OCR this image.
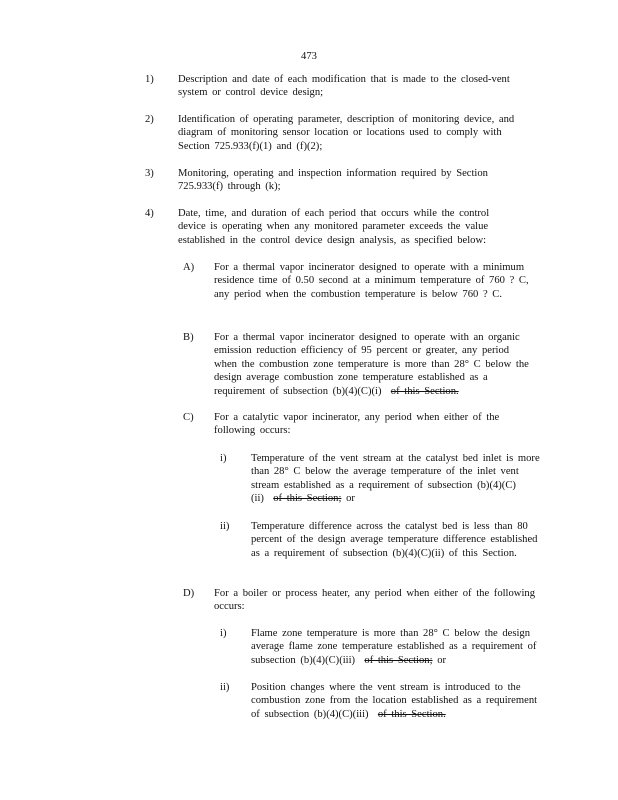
473
1) Description and date of each modification that is made to the closed-vent system or control device design;
2) Identification of operating parameter, description of monitoring device, and diagram of monitoring sensor location or locations used to comply with Section 725.933(f)(1) and (f)(2);
3) Monitoring, operating and inspection information required by Section 725.933(f) through (k);
4) Date, time, and duration of each period that occurs while the control device is operating when any monitored parameter exceeds the value established in the control device design analysis, as specified below:
A) For a thermal vapor incinerator designed to operate with a minimum residence time of 0.50 second at a minimum temperature of 760 ? C, any period when the combustion temperature is below 760 ? C.
B) For a thermal vapor incinerator designed to operate with an organic emission reduction efficiency of 95 percent or greater, any period when the combustion zone temperature is more than 28° C below the design average combustion zone temperature established as a requirement of subsection (b)(4)(C)(i) of this Section.
C) For a catalytic vapor incinerator, any period when either of the following occurs:
i) Temperature of the vent stream at the catalyst bed inlet is more than 28° C below the average temperature of the inlet vent stream established as a requirement of subsection (b)(4)(C)(ii) of this Section; or
ii) Temperature difference across the catalyst bed is less than 80 percent of the design average temperature difference established as a requirement of subsection (b)(4)(C)(ii) of this Section.
D) For a boiler or process heater, any period when either of the following occurs:
i) Flame zone temperature is more than 28° C below the design average flame zone temperature established as a requirement of subsection (b)(4)(C)(iii) of this Section; or
ii) Position changes where the vent stream is introduced to the combustion zone from the location established as a requirement of subsection (b)(4)(C)(iii) of this Section.
